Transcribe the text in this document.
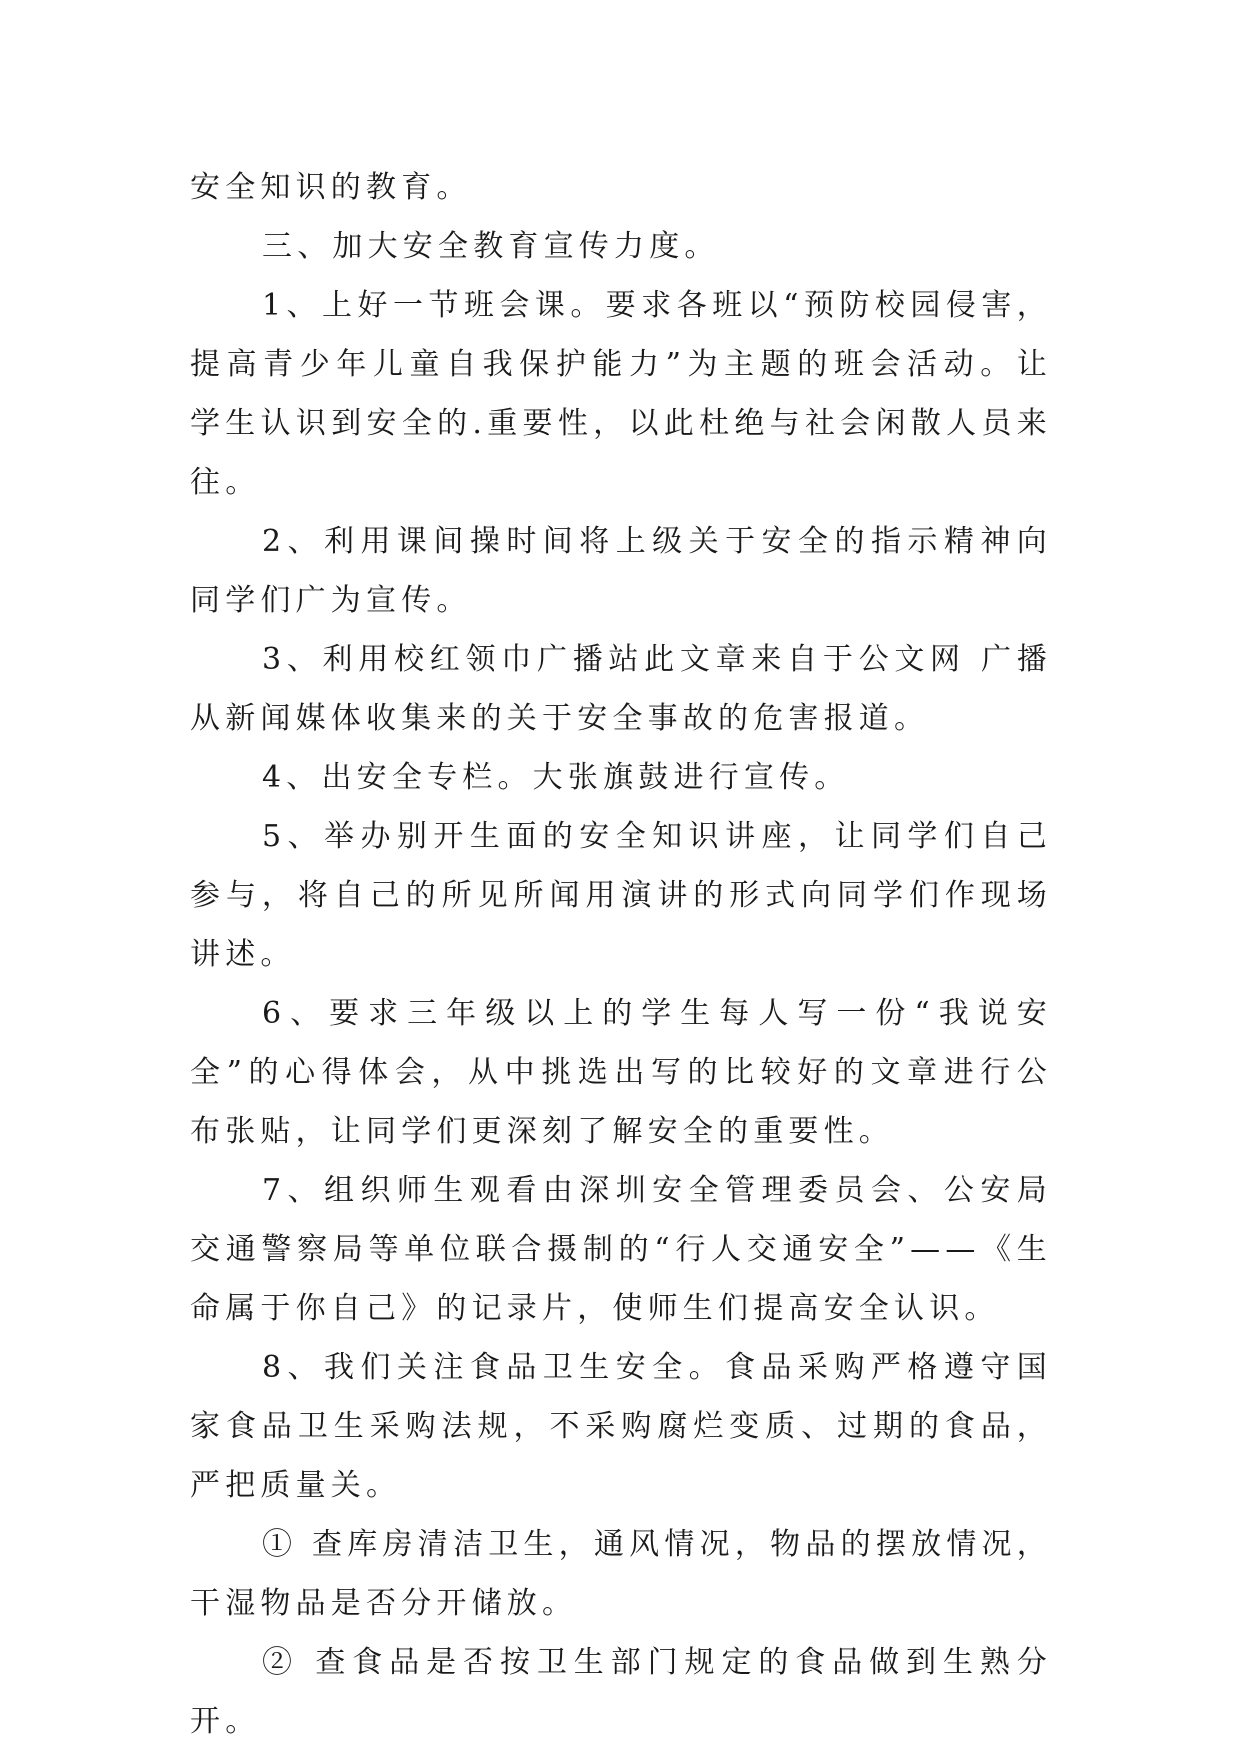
安全知识的教育。

三、加大安全教育宣传力度。

1、上好一节班会课。要求各班以“预防校园侵害，提高青少年儿童自我保护能力”为主题的班会活动。让学生认识到安全的.重要性，以此杜绝与社会闲散人员来往。

2、利用课间操时间将上级关于安全的指示精神向同学们广为宣传。

3、利用校红领巾广播站此文章来自于公文网 广播从新闻媒体收集来的关于安全事故的危害报道。

4、出安全专栏。大张旗鼓进行宣传。

5、举办别开生面的安全知识讲座，让同学们自己参与，将自己的所见所闻用演讲的形式向同学们作现场讲述。

6、要求三年级以上的学生每人写一份“我说安全”的心得体会，从中挑选出写的比较好的文章进行公布张贴，让同学们更深刻了解安全的重要性。

7、组织师生观看由深圳安全管理委员会、公安局交通警察局等单位联合摄制的“行人交通安全”——《生命属于你自己》的记录片，使师生们提高安全认识。

8、我们关注食品卫生安全。食品采购严格遵守国家食品卫生采购法规，不采购腐烂变质、过期的食品，严把质量关。

① 查库房清洁卫生，通风情况，物品的摆放情况，干湿物品是否分开储放。

② 查食品是否按卫生部门规定的食品做到生熟分开。
